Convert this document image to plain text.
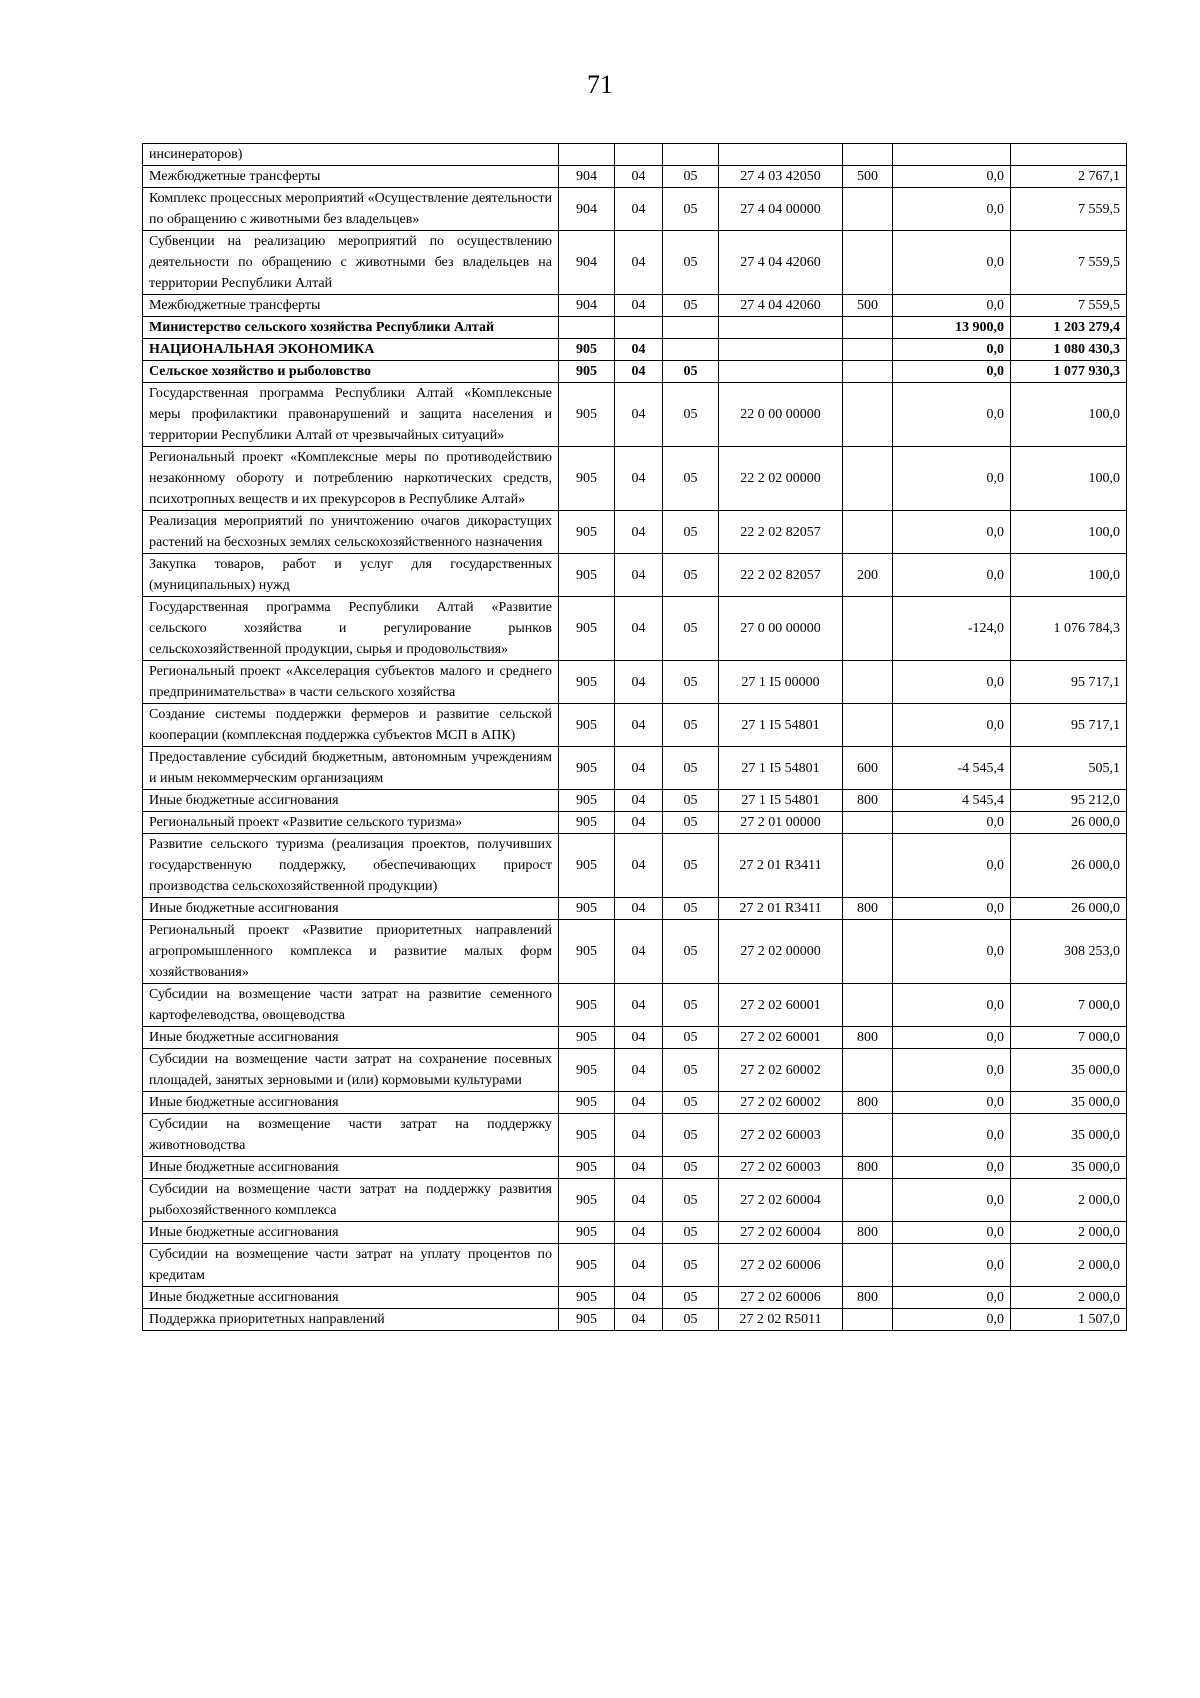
71
инсинераторов)							
Межбюджетные трансферты	904	04	05	27 4 03 42050	500	0,0	2 767,1
Комплекс процессных мероприятий «Осуществление деятельности по обращению с животными без владельцев»	904	04	05	27 4 04 00000		0,0	7 559,5
Субвенции на реализацию мероприятий по осуществлению деятельности по обращению с животными без владельцев на территории Республики Алтай	904	04	05	27 4 04 42060		0,0	7 559,5
Межбюджетные трансферты	904	04	05	27 4 04 42060	500	0,0	7 559,5
Министерство сельского хозяйства Республики Алтай						13 900,0	1 203 279,4
НАЦИОНАЛЬНАЯ ЭКОНОМИКА	905	04				0,0	1 080 430,3
Сельское хозяйство и рыболовство	905	04	05			0,0	1 077 930,3
Государственная программа Республики Алтай «Комплексные меры профилактики правонарушений и защита населения и территории Республики Алтай от чрезвычайных ситуаций»	905	04	05	22 0 00 00000		0,0	100,0
Региональный проект «Комплексные меры по противодействию незаконному обороту и потреблению наркотических средств, психотропных веществ и их прекурсоров в Республике Алтай»	905	04	05	22 2 02 00000		0,0	100,0
Реализация мероприятий по уничтожению очагов дикорастущих растений на бесхозных землях сельскохозяйственного назначения	905	04	05	22 2 02 82057		0,0	100,0
Закупка товаров, работ и услуг для государственных (муниципальных) нужд	905	04	05	22 2 02 82057	200	0,0	100,0
Государственная программа Республики Алтай «Развитие сельского хозяйства и регулирование рынков сельскохозяйственной продукции, сырья и продовольствия»	905	04	05	27 0 00 00000		-124,0	1 076 784,3
Региональный проект «Акселерация субъектов малого и среднего предпринимательства» в части сельского хозяйства	905	04	05	27 1 I5 00000		0,0	95 717,1
Создание системы поддержки фермеров и развитие сельской кооперации (комплексная поддержка субъектов МСП в АПК)	905	04	05	27 1 I5 54801		0,0	95 717,1
Предоставление субсидий бюджетным, автономным учреждениям и иным некоммерческим организациям	905	04	05	27 1 I5 54801	600	-4 545,4	505,1
Иные бюджетные ассигнования	905	04	05	27 1 I5 54801	800	4 545,4	95 212,0
Региональный проект «Развитие сельского туризма»	905	04	05	27 2 01 00000		0,0	26 000,0
Развитие сельского туризма (реализация проектов, получивших государственную поддержку, обеспечивающих прирост производства сельскохозяйственной продукции)	905	04	05	27 2 01 R3411		0,0	26 000,0
Иные бюджетные ассигнования	905	04	05	27 2 01 R3411	800	0,0	26 000,0
Региональный проект «Развитие приоритетных направлений агропромышленного комплекса и развитие малых форм хозяйствования»	905	04	05	27 2 02 00000		0,0	308 253,0
Субсидии на возмещение части затрат на развитие семенного картофелеводства, овощеводства	905	04	05	27 2 02 60001		0,0	7 000,0
Иные бюджетные ассигнования	905	04	05	27 2 02 60001	800	0,0	7 000,0
Субсидии на возмещение части затрат на сохранение посевных площадей, занятых зерновыми и (или) кормовыми культурами	905	04	05	27 2 02 60002		0,0	35 000,0
Иные бюджетные ассигнования	905	04	05	27 2 02 60002	800	0,0	35 000,0
Субсидии на возмещение части затрат на поддержку животноводства	905	04	05	27 2 02 60003		0,0	35 000,0
Иные бюджетные ассигнования	905	04	05	27 2 02 60003	800	0,0	35 000,0
Субсидии на возмещение части затрат на поддержку развития рыбохозяйственного комплекса	905	04	05	27 2 02 60004		0,0	2 000,0
Иные бюджетные ассигнования	905	04	05	27 2 02 60004	800	0,0	2 000,0
Субсидии на возмещение части затрат на уплату процентов по кредитам	905	04	05	27 2 02 60006		0,0	2 000,0
Иные бюджетные ассигнования	905	04	05	27 2 02 60006	800	0,0	2 000,0
Поддержка приоритетных направлений	905	04	05	27 2 02 R5011		0,0	1 507,0
